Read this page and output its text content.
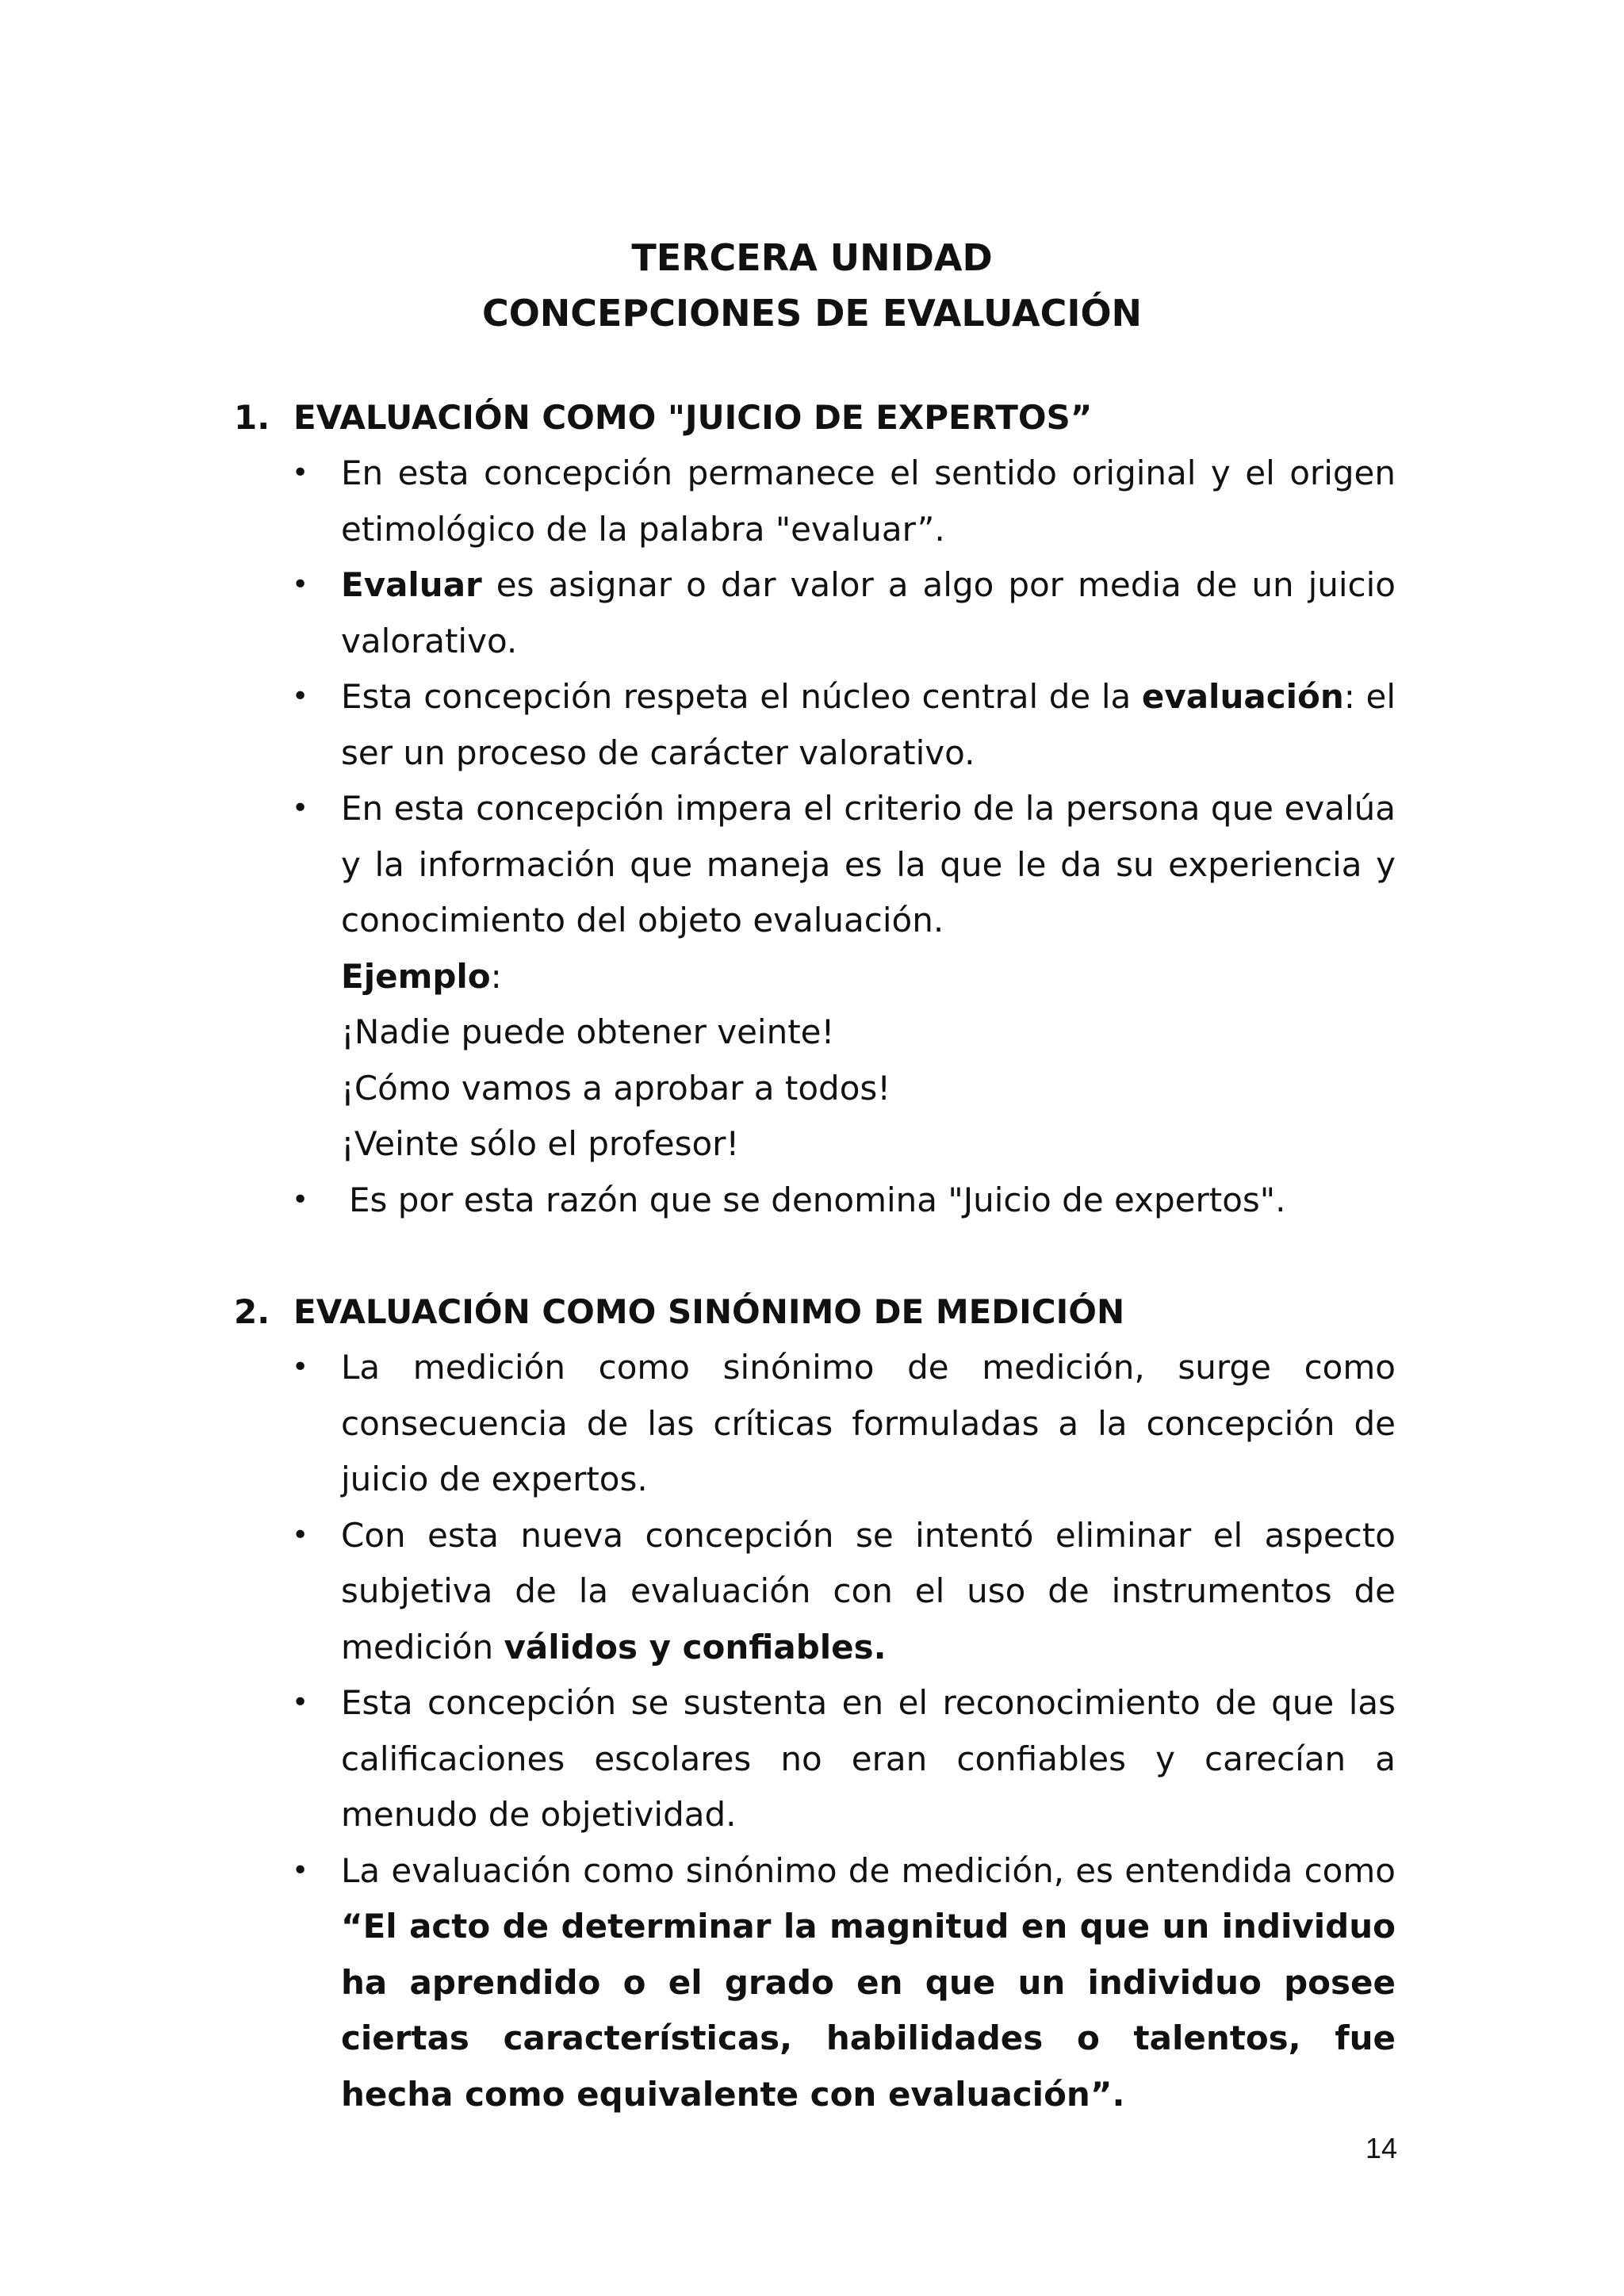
TERCERA UNIDAD
CONCEPCIONES DE EVALUACIÓN
1. EVALUACIÓN COMO "JUICIO DE EXPERTOS”
• En esta concepción permanece el sentido original y el origen etimológico de la palabra "evaluar”.
• Evaluar es asignar o dar valor a algo por media de un juicio valorativo.
• Esta concepción respeta el núcleo central de la evaluación: el ser un proceso de carácter valorativo.
• En esta concepción impera el criterio de la persona que evalúa y la información que maneja es la que le da su experiencia y conocimiento del objeto evaluación.
Ejemplo:
¡Nadie puede obtener veinte!
¡Cómo vamos a aprobar a todos!
¡Veinte sólo el profesor!
• Es por esta razón que se denomina "Juicio de expertos".
2. EVALUACIÓN COMO SINÓNIMO DE MEDICIÓN
• La medición como sinónimo de medición, surge como consecuencia de las críticas formuladas a la concepción de juicio de expertos.
• Con esta nueva concepción se intentó eliminar el aspecto subjetiva de la evaluación con el uso de instrumentos de medición válidos y confiables.
• Esta concepción se sustenta en el reconocimiento de que las calificaciones escolares no eran confiables y carecían a menudo de objetividad.
• La evaluación como sinónimo de medición, es entendida como “El acto de determinar la magnitud en que un individuo ha aprendido o el grado en que un individuo posee ciertas características, habilidades o talentos, fue hecha como equivalente con evaluación”.
14
